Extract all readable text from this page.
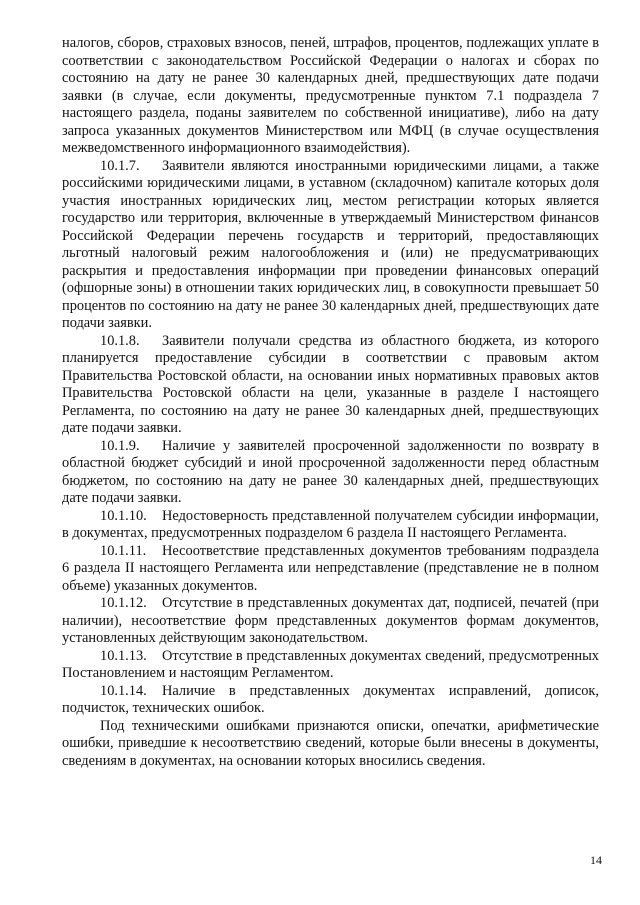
налогов, сборов, страховых взносов, пеней, штрафов, процентов, подлежащих уплате в соответствии с законодательством Российской Федерации о налогах и сборах по состоянию на дату не ранее 30 календарных дней, предшествующих дате подачи заявки (в случае, если документы, предусмотренные пунктом 7.1 подраздела 7 настоящего раздела, поданы заявителем по собственной инициативе), либо на дату запроса указанных документов Министерством или МФЦ (в случае осуществления межведомственного информационного взаимодействия).

10.1.7. Заявители являются иностранными юридическими лицами, а также российскими юридическими лицами, в уставном (складочном) капитале которых доля участия иностранных юридических лиц, местом регистрации которых является государство или территория, включенные в утверждаемый Министерством финансов Российской Федерации перечень государств и территорий, предоставляющих льготный налоговый режим налогообложения и (или) не предусматривающих раскрытия и предоставления информации при проведении финансовых операций (офшорные зоны) в отношении таких юридических лиц, в совокупности превышает 50 процентов по состоянию на дату не ранее 30 календарных дней, предшествующих дате подачи заявки.

10.1.8. Заявители получали средства из областного бюджета, из которого планируется предоставление субсидии в соответствии с правовым актом Правительства Ростовской области, на основании иных нормативных правовых актов Правительства Ростовской области на цели, указанные в разделе I настоящего Регламента, по состоянию на дату не ранее 30 календарных дней, предшествующих дате подачи заявки.

10.1.9. Наличие у заявителей просроченной задолженности по возврату в областной бюджет субсидий и иной просроченной задолженности перед областным бюджетом, по состоянию на дату не ранее 30 календарных дней, предшествующих дате подачи заявки.

10.1.10. Недостоверность представленной получателем субсидии информации, в документах, предусмотренных подразделом 6 раздела II настоящего Регламента.

10.1.11. Несоответствие представленных документов требованиям подраздела 6 раздела II настоящего Регламента или непредставление (представление не в полном объеме) указанных документов.

10.1.12. Отсутствие в представленных документах дат, подписей, печатей (при наличии), несоответствие форм представленных документов формам документов, установленных действующим законодательством.

10.1.13. Отсутствие в представленных документах сведений, предусмотренных Постановлением и настоящим Регламентом.

10.1.14. Наличие в представленных документах исправлений, дописок, подчисток, технических ошибок.

Под техническими ошибками признаются описки, опечатки, арифметические ошибки, приведшие к несоответствию сведений, которые были внесены в документы, сведениям в документах, на основании которых вносились сведения.

14
